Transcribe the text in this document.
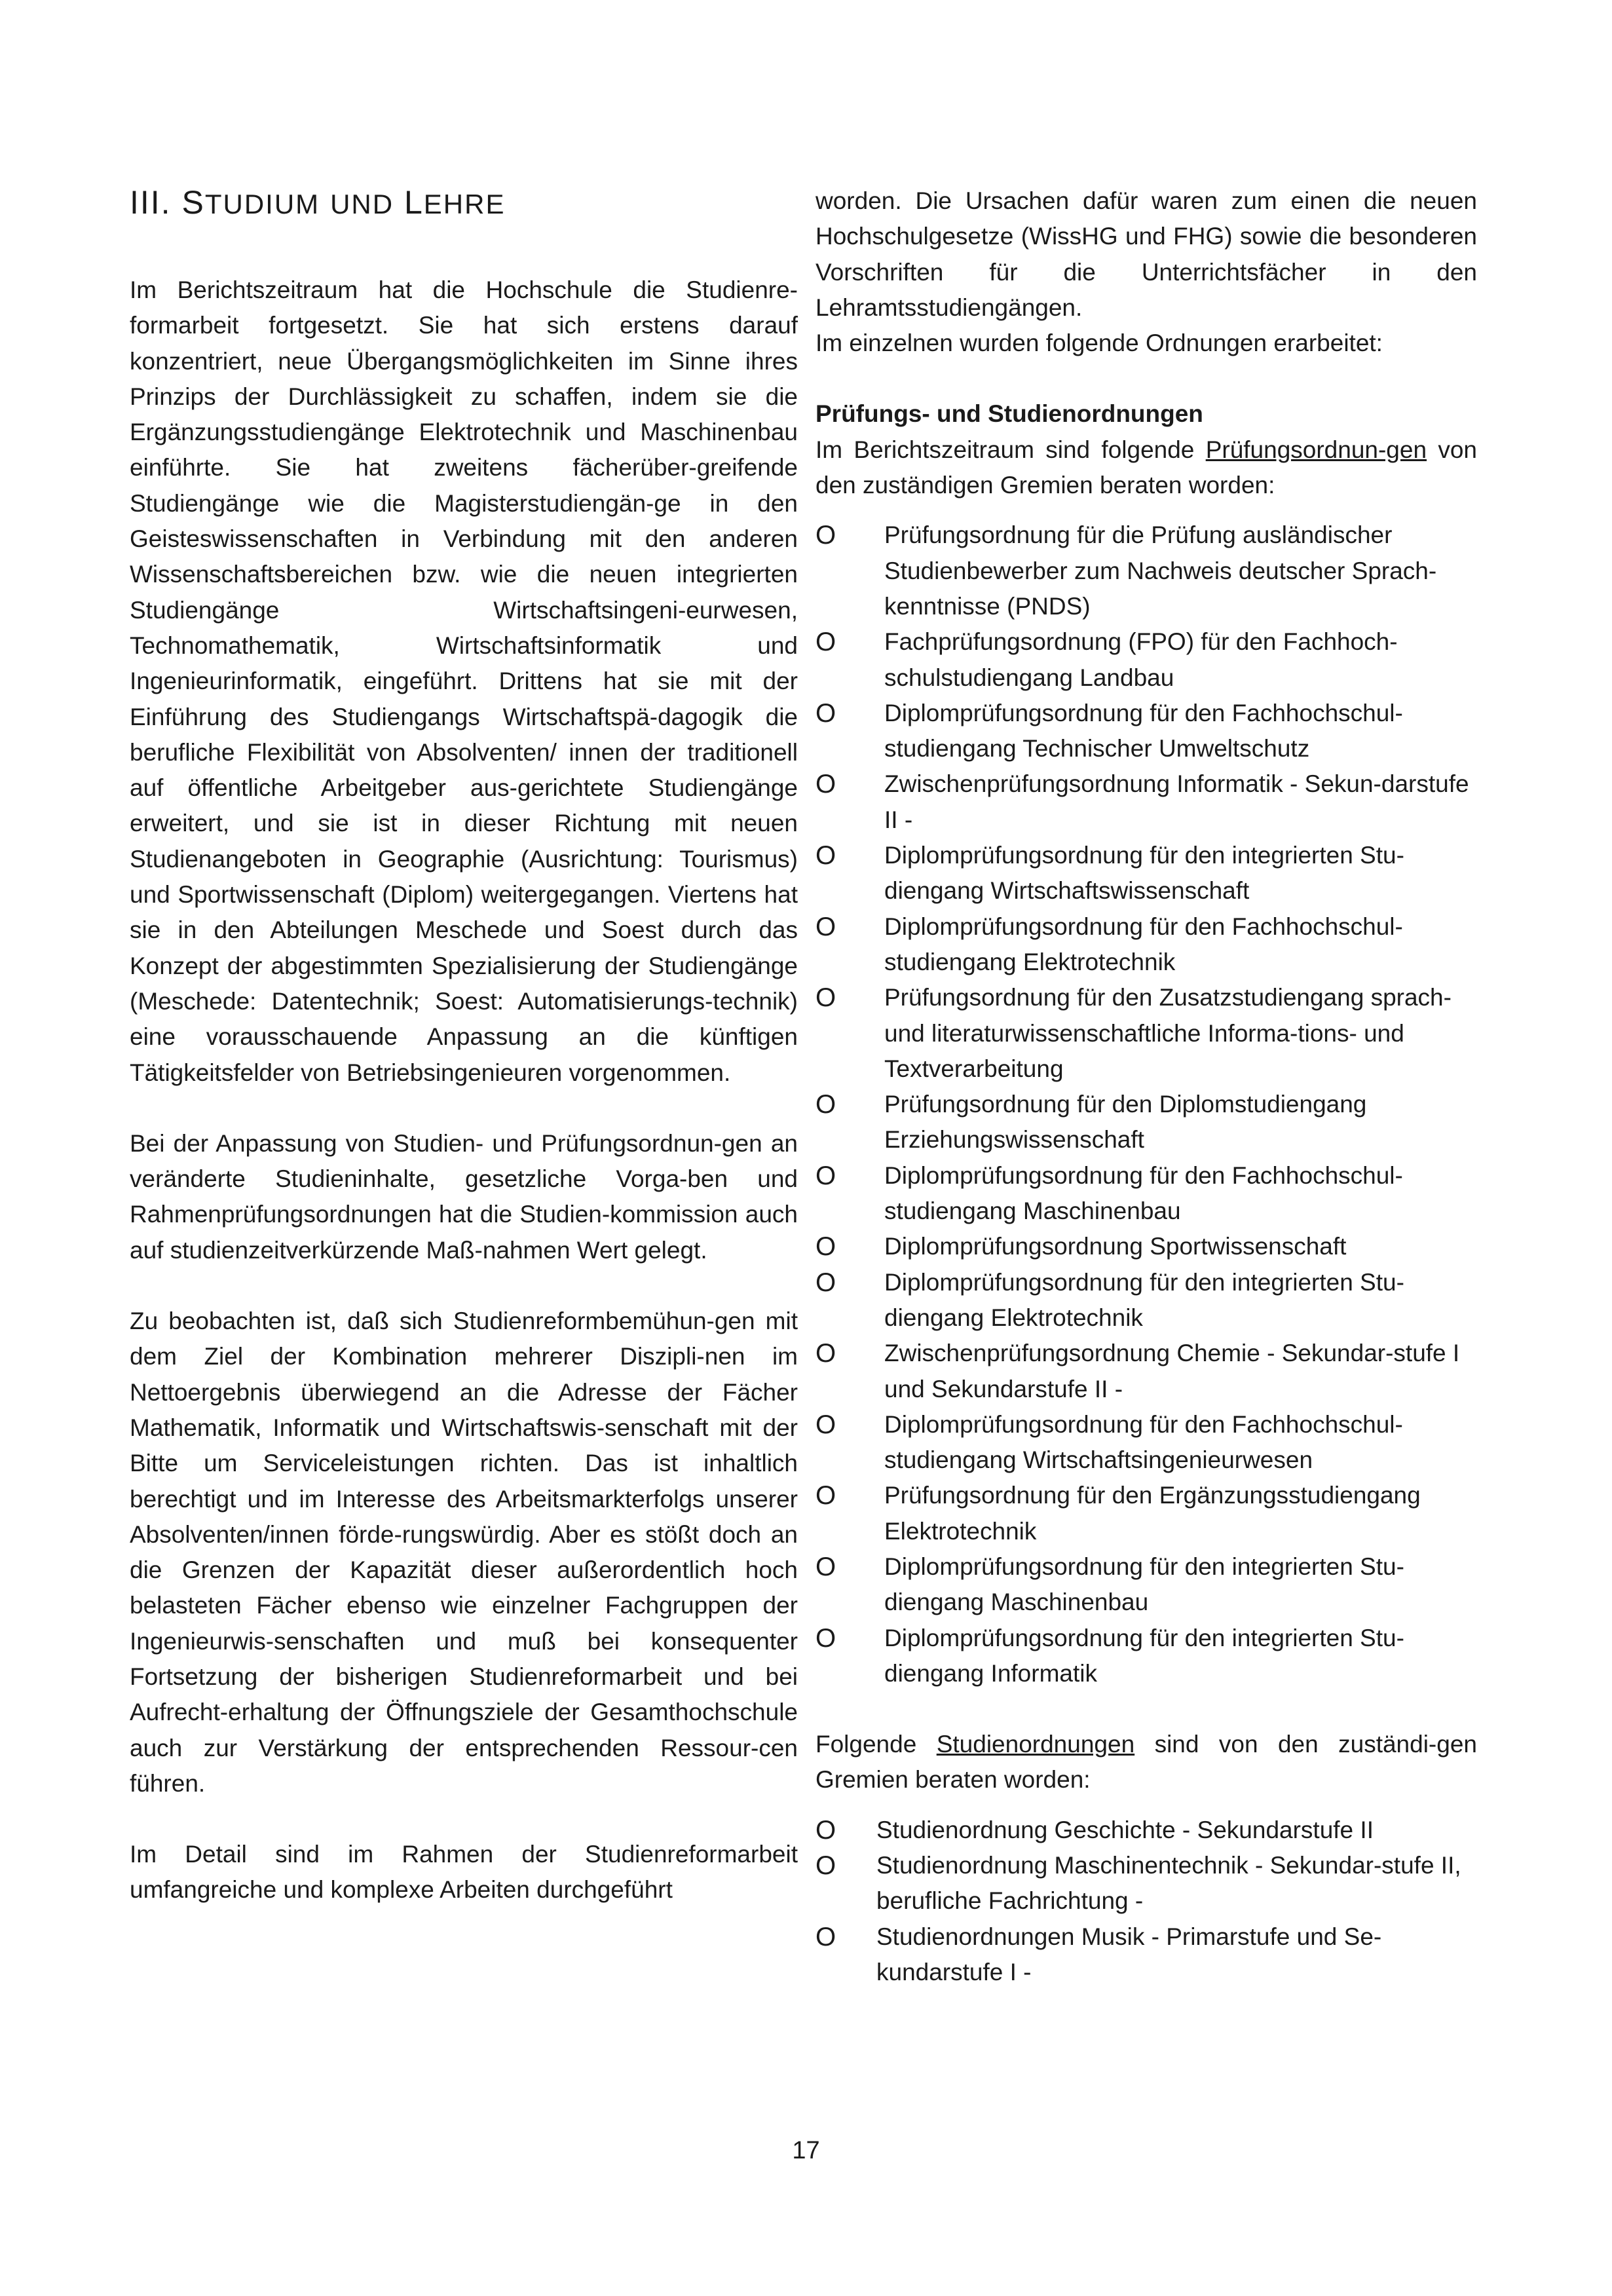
III. STUDIUM UND LEHRE

Im Berichtszeitraum hat die Hochschule die Studienre-formarbeit fortgesetzt. Sie hat sich erstens darauf konzentriert, neue Übergangsmöglichkeiten im Sinne ihres Prinzips der Durchlässigkeit zu schaffen, indem sie die Ergänzungsstudiengänge Elektrotechnik und Maschinenbau einführte. Sie hat zweitens fächerüber-greifende Studiengänge wie die Magisterstudiengän-ge in den Geisteswissenschaften in Verbindung mit den anderen Wissenschaftsbereichen bzw. wie die neuen integrierten Studiengänge Wirtschaftsingeni-eurwesen, Technomathematik, Wirtschaftsinformatik und Ingenieurinformatik, eingeführt. Drittens hat sie mit der Einführung des Studiengangs Wirtschaftspä-dagogik die berufliche Flexibilität von Absolventen/ innen der traditionell auf öffentliche Arbeitgeber aus-gerichtete Studiengänge erweitert, und sie ist in dieser Richtung mit neuen Studienangeboten in Geographie (Ausrichtung: Tourismus) und Sportwissenschaft (Diplom) weitergegangen. Viertens hat sie in den Abteilungen Meschede und Soest durch das Konzept der abgestimmten Spezialisierung der Studiengänge (Meschede: Datentechnik; Soest: Automatisierungs-technik) eine vorausschauende Anpassung an die künftigen Tätigkeitsfelder von Betriebsingenieuren vorgenommen.

Bei der Anpassung von Studien- und Prüfungsordnun-gen an veränderte Studieninhalte, gesetzliche Vorga-ben und Rahmenprüfungsordnungen hat die Studien-kommission auch auf studienzeitverkürzende Maß-nahmen Wert gelegt.

Zu beobachten ist, daß sich Studienreformbemühun-gen mit dem Ziel der Kombination mehrerer Diszipli-nen im Nettoergebnis überwiegend an die Adresse der Fächer Mathematik, Informatik und Wirtschaftswis-senschaft mit der Bitte um Serviceleistungen richten. Das ist inhaltlich berechtigt und im Interesse des Arbeitsmarkterfolgs unserer Absolventen/innen förde-rungswürdig. Aber es stößt doch an die Grenzen der Kapazität dieser außerordentlich hoch belasteten Fächer ebenso wie einzelner Fachgruppen der Ingenieurwis-senschaften und muß bei konsequenter Fortsetzung der bisherigen Studienreformarbeit und bei Aufrecht-erhaltung der Öffnungsziele der Gesamthochschule auch zur Verstärkung der entsprechenden Ressour-cen führen.

Im Detail sind im Rahmen der Studienreformarbeit umfangreiche und komplexe Arbeiten durchgeführt

worden. Die Ursachen dafür waren zum einen die neuen Hochschulgesetze (WissHG und FHG) sowie die besonderen Vorschriften für die Unterrichtsfächer in den Lehramtsstudiengängen.

Im einzelnen wurden folgende Ordnungen erarbeitet:

Prüfungs- und Studienordnungen

Im Berichtszeitraum sind folgende Prüfungsordnun-gen von den zuständigen Gremien beraten worden:

O	Prüfungsordnung für die Prüfung ausländischer Studienbewerber zum Nachweis deutscher Sprach-kenntnisse (PNDS)
O	Fachprüfungsordnung (FPO) für den Fachhoch-schulstudiengang Landbau
O	Diplomprüfungsordnung für den Fachhochschul-studiengang Technischer Umweltschutz
O	Zwischenprüfungsordnung Informatik - Sekun-darstufe II -
O	Diplomprüfungsordnung für den integrierten Stu-diengang Wirtschaftswissenschaft
O	Diplomprüfungsordnung für den Fachhochschul-studiengang Elektrotechnik
O	Prüfungsordnung für den Zusatzstudiengang sprach- und literaturwissenschaftliche Informa-tions- und Textverarbeitung
O	Prüfungsordnung für den Diplomstudiengang Erziehungswissenschaft
O	Diplomprüfungsordnung für den Fachhochschul-studiengang Maschinenbau
O	Diplomprüfungsordnung Sportwissenschaft
O	Diplomprüfungsordnung für den integrierten Stu-diengang Elektrotechnik
O	Zwischenprüfungsordnung Chemie - Sekundar-stufe I und Sekundarstufe II -
O	Diplomprüfungsordnung für den Fachhochschul-studiengang Wirtschaftsingenieurwesen
O	Prüfungsordnung für den Ergänzungsstudiengang Elektrotechnik
O	Diplomprüfungsordnung für den integrierten Stu-diengang Maschinenbau
O	Diplomprüfungsordnung für den integrierten Stu-diengang Informatik

Folgende Studienordnungen sind von den zuständi-gen Gremien beraten worden:

O	Studienordnung Geschichte - Sekundarstufe II
O	Studienordnung Maschinentechnik - Sekundar-stufe II, berufliche Fachrichtung -
O	Studienordnungen Musik - Primarstufe und Se-kundarstufe I -
17
